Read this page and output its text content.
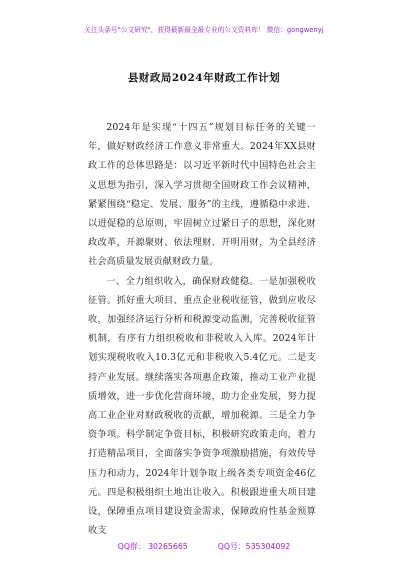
关注头条号"公文研究"，获得最新最全最专业的公文资料库！ 微信：gongwenyj
县财政局2024年财政工作计划

2024年是实现“十四五”规划目标任务的关键一年，做好财政经济工作意义非常重大。2024年XX县财政工作的总体思路是：以习近平新时代中国特色社会主义思想为指引，深入学习贯彻全国财政工作会议精神，紧紧围绕“稳定、发展、服务”的主线，遵循稳中求进、以进促稳的总原则，牢固树立过紧日子的思想，深化财政改革，开源聚财、依法理财、开明用财，为全县经济社会高质量发展贡献财政力量。

一、全力组织收入，确保财政健稳。一是加强税收征管。抓好重大项目、重点企业税收征管，做到应收尽收，加强经济运行分析和税源变动监测，完善税收征管机制，有序有力组织税收和非税收入入库。2024年计划实现税收收入10.3亿元和非税收入5.4亿元。二是支持产业发展。继续落实各项惠企政策，推动工业产业提质增效，进一步优化营商环境，助力企业发展，努力提高工业企业对财政税收的贡献，增加税源。三是全力争资争项。科学制定争资目标，积极研究政策走向，着力打造精品项目，全面落实争资争项激励措施，有效传导压力和动力，2024年计划争取上级各类专项资金46亿元。四是积极组织土地出让收入。积极跟进重大项目建设，保障重点项目建设资金需求，保障政府性基金预算收支

QQ群： 30265665	QQ号：535304092
